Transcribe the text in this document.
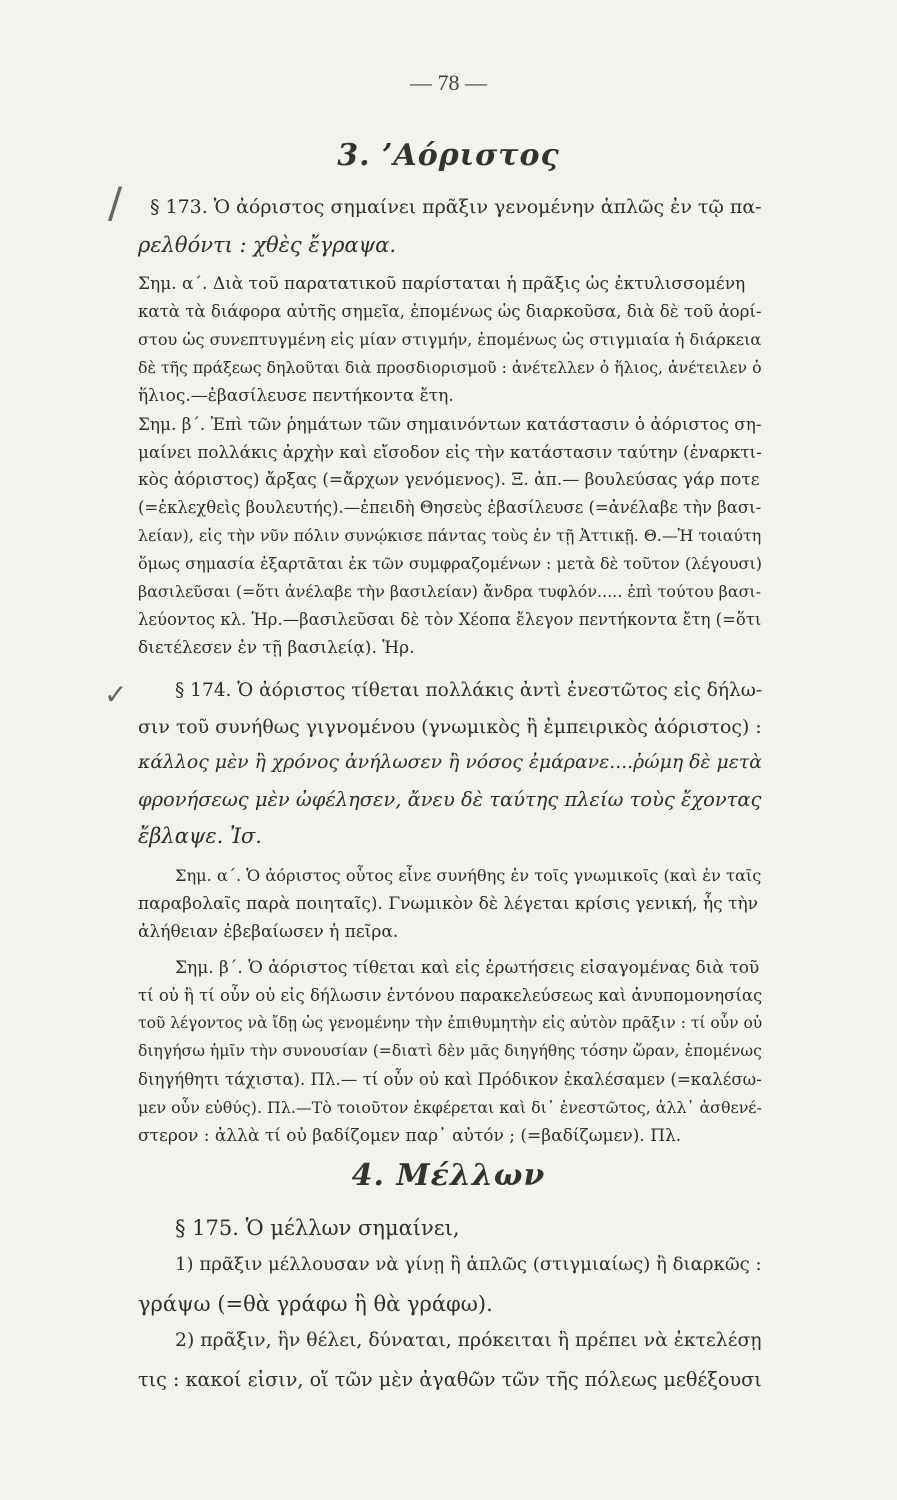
— 78 —
3. ’Αόριστος
/
✓
§ 173. Ὁ ἀόριστος σημαίνει πρᾶξιν γενομένην ἁπλῶς ἐν τῷ πα-
ρελθόντι : χθὲς ἔγραψα.
Σημ. α΄. Διὰ τοῦ παρατατικοῦ παρίσταται ἡ πρᾶξις ὡς ἐκτυλισσομένη
κατὰ τὰ διάφορα αὐτῆς σημεῖα, ἑπομένως ὡς διαρκοῦσα, διὰ δὲ τοῦ ἀορί-
στου ὡς συνεπτυγμένη εἰς μίαν στιγμήν, ἑπομένως ὡς στιγμιαία ἡ διάρκεια
δὲ τῆς πράξεως δηλοῦται διὰ προσδιορισμοῦ : ἀνέτελλεν ὁ ἥλιος, ἀνέτειλεν ὁ
ἥλιος.—ἐβασίλευσε πεντήκοντα ἔτη.
Σημ. β΄. Ἐπὶ τῶν ῥημάτων τῶν σημαινόντων κατάστασιν ὁ ἀόριστος ση-
μαίνει πολλάκις ἀρχὴν καὶ εἴσοδον εἰς τὴν κατάστασιν ταύτην (ἐναρκτι-
κὸς ἀόριστος) ἄρξας (=ἄρχων γενόμενος). Ξ. ἀπ.— βουλεύσας γάρ ποτε
(=ἐκλεχθεὶς βουλευτής).—ἐπειδὴ Θησεὺς ἐβασίλευσε (=ἀνέλαβε τὴν βασι-
λείαν), εἰς τὴν νῦν πόλιν συνῴκισε πάντας τοὺς ἐν τῇ Ἀττικῇ. Θ.—Ἡ τοιαύτη
ὅμως σημασία ἐξαρτᾶται ἐκ τῶν συμφραζομένων : μετὰ δὲ τοῦτον (λέγουσι)
βασιλεῦσαι (=ὅτι ἀνέλαβε τὴν βασιλείαν) ἄνδρα τυφλόν..... ἐπὶ τούτου βασι-
λεύοντος κλ. Ἡρ.—βασιλεῦσαι δὲ τὸν Χέοπα ἔλεγον πεντήκοντα ἔτη (=ὅτι
διετέλεσεν ἐν τῇ βασιλείᾳ). Ἡρ.
§ 174. Ὁ ἀόριστος τίθεται πολλάκις ἀντὶ ἐνεστῶτος εἰς δήλω-
σιν τοῦ συνήθως γιγνομένου (γνωμικὸς ἢ ἐμπειρικὸς ἀόριστος) :
κάλλος μὲν ἢ χρόνος ἀνήλωσεν ἢ νόσος ἐμάρανε....ῥώμη δὲ μετὰ
φρονήσεως μὲν ὠφέλησεν, ἄνευ δὲ ταύτης πλείω τοὺς ἔχοντας
ἔβλαψε. Ἰσ.
Σημ. α΄. Ὁ ἀόριστος οὗτος εἶνε συνήθης ἐν τοῖς γνωμικοῖς (καὶ ἐν ταῖς
παραβολαῖς παρὰ ποιηταῖς). Γνωμικὸν δὲ λέγεται κρίσις γενική, ἧς τὴν
ἀλήθειαν ἐβεβαίωσεν ἡ πεῖρα.
Σημ. β΄. Ὁ ἀόριστος τίθεται καὶ εἰς ἐρωτήσεις εἰσαγομένας διὰ τοῦ
τί οὐ ἢ τί οὖν οὐ εἰς δήλωσιν ἐντόνου παρακελεύσεως καὶ ἀνυπομονησίας
τοῦ λέγοντος νὰ ἴδῃ ὡς γενομένην τὴν ἐπιθυμητὴν εἰς αὐτὸν πρᾶξιν : τί οὖν οὐ
διηγήσω ἡμῖν τὴν συνουσίαν (=διατὶ δὲν μᾶς διηγήθης τόσην ὥραν, ἑπομένως
διηγήθητι τάχιστα). Πλ.— τί οὖν οὐ καὶ Πρόδικον ἐκαλέσαμεν (=καλέσω-
μεν οὖν εὐθύς). Πλ.—Τὸ τοιοῦτον ἐκφέρεται καὶ δι᾽ ἐνεστῶτος, ἀλλ᾽ ἀσθενέ-
στερον : ἀλλὰ τί οὐ βαδίζομεν παρ᾽ αὐτόν ; (=βαδίζωμεν). Πλ.
4. Μέλλων
§ 175. Ὁ μέλλων σημαίνει,
1) πρᾶξιν μέλλουσαν νὰ γίνῃ ἢ ἁπλῶς (στιγμιαίως) ἢ διαρκῶς :
γράψω (=θὰ γράφω ἢ θὰ γράφω).
2) πρᾶξιν, ἣν θέλει, δύναται, πρόκειται ἢ πρέπει νὰ ἐκτελέσῃ
τις : κακοί εἰσιν, οἵ τῶν μὲν ἀγαθῶν τῶν τῆς πόλεως μεθέξουσι
